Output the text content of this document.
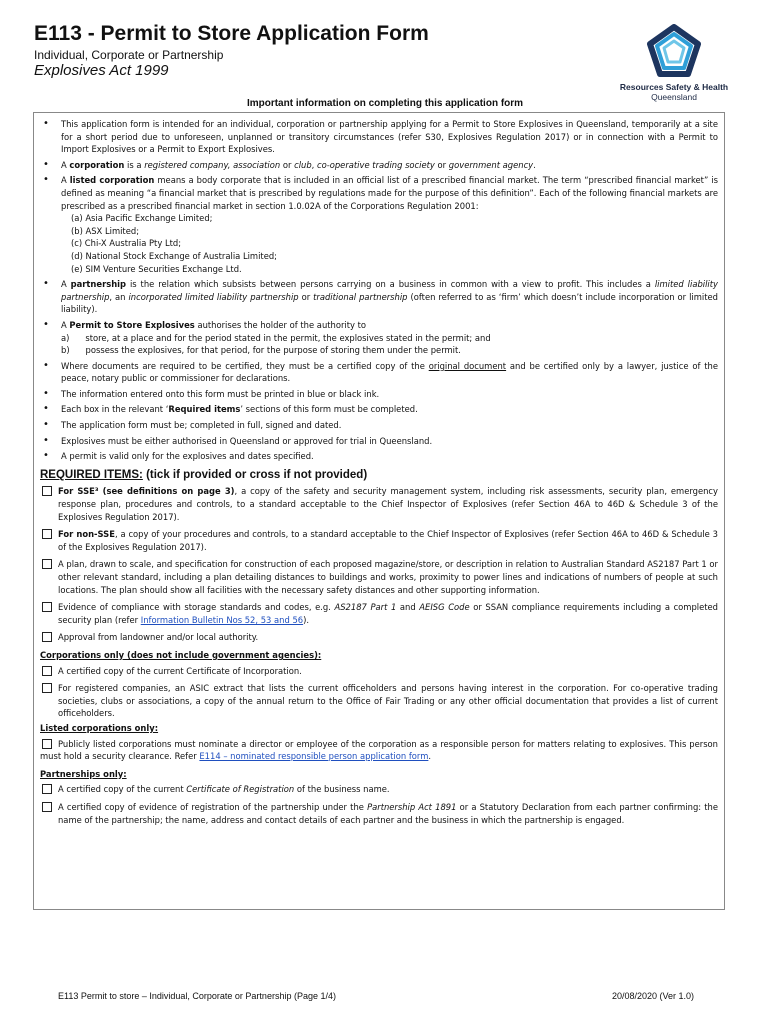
E113 - Permit to Store Application Form
Individual, Corporate or Partnership
Explosives Act 1999
Resources Safety & Health
Queensland
Important information on completing this application form
• This application form is intended for an individual, corporation or partnership applying for a Permit to Store Explosives in Queensland, temporarily at a site for a short period due to unforeseen, unplanned or transitory circumstances (refer S30, Explosives Regulation 2017) or in connection with a Permit to Import Explosives or a Permit to Export Explosives.
• A corporation is a registered company, association or club, co-operative trading society or government agency.
• A listed corporation means a body corporate that is included in an official list of a prescribed financial market. The term “prescribed financial market” is defined as meaning “a financial market that is prescribed by regulations made for the purpose of this definition”. Each of the following financial markets are prescribed as a prescribed financial market in section 1.0.02A of the Corporations Regulation 2001:
(a) Asia Pacific Exchange Limited;
(b) ASX Limited;
(c) Chi-X Australia Pty Ltd;
(d) National Stock Exchange of Australia Limited;
(e) SIM Venture Securities Exchange Ltd.
• A partnership is the relation which subsists between persons carrying on a business in common with a view to profit. This includes a limited liability partnership, an incorporated limited liability partnership or traditional partnership (often referred to as ‘firm’ which doesn’t include incorporation or limited liability).
• A Permit to Store Explosives authorises the holder of the authority to
a)      store, at a place and for the period stated in the permit, the explosives stated in the permit; and
b)      possess the explosives, for that period, for the purpose of storing them under the permit.
• Where documents are required to be certified, they must be a certified copy of the original document and be certified only by a lawyer, justice of the peace, notary public or commissioner for declarations.
• The information entered onto this form must be printed in blue or black ink.
• Each box in the relevant ‘Required items’ sections of this form must be completed.
• The application form must be; completed in full, signed and dated.
• Explosives must be either authorised in Queensland or approved for trial in Queensland.
• A permit is valid only for the explosives and dates specified.
REQUIRED ITEMS: (tick if provided or cross if not provided)
For SSE³ (see definitions on page 3), a copy of the safety and security management system, including risk assessments, security plan, emergency response plan, procedures and controls, to a standard acceptable to the Chief Inspector of Explosives (refer Section 46A to 46D & Schedule 3 of the Explosives Regulation 2017).
For non-SSE, a copy of your procedures and controls, to a standard acceptable to the Chief Inspector of Explosives (refer Section 46A to 46D & Schedule 3 of the Explosives Regulation 2017).
A plan, drawn to scale, and specification for construction of each proposed magazine/store, or description in relation to Australian Standard AS2187 Part 1 or other relevant standard, including a plan detailing distances to buildings and works, proximity to power lines and indications of numbers of people at such locations. The plan should show all facilities with the necessary safety distances and other supporting information.
Evidence of compliance with storage standards and codes, e.g. AS2187 Part 1 and AEISG Code or SSAN compliance requirements including a completed security plan (refer Information Bulletin Nos 52, 53 and 56).
Approval from landowner and/or local authority.
Corporations only (does not include government agencies):
A certified copy of the current Certificate of Incorporation.
For registered companies, an ASIC extract that lists the current officeholders and persons having interest in the corporation. For co-operative trading societies, clubs or associations, a copy of the annual return to the Office of Fair Trading or any other official documentation that provides a list of current officeholders.
Listed corporations only:
Publicly listed corporations must nominate a director or employee of the corporation as a responsible person for matters relating to explosives. This person must hold a security clearance. Refer E114 – nominated responsible person application form.
Partnerships only:
A certified copy of the current Certificate of Registration of the business name.
A certified copy of evidence of registration of the partnership under the Partnership Act 1891 or a Statutory Declaration from each partner confirming: the name of the partnership; the name, address and contact details of each partner and the business in which the partnership is engaged.
E113 Permit to store – Individual, Corporate or Partnership (Page 1/4)	20/08/2020 (Ver 1.0)
